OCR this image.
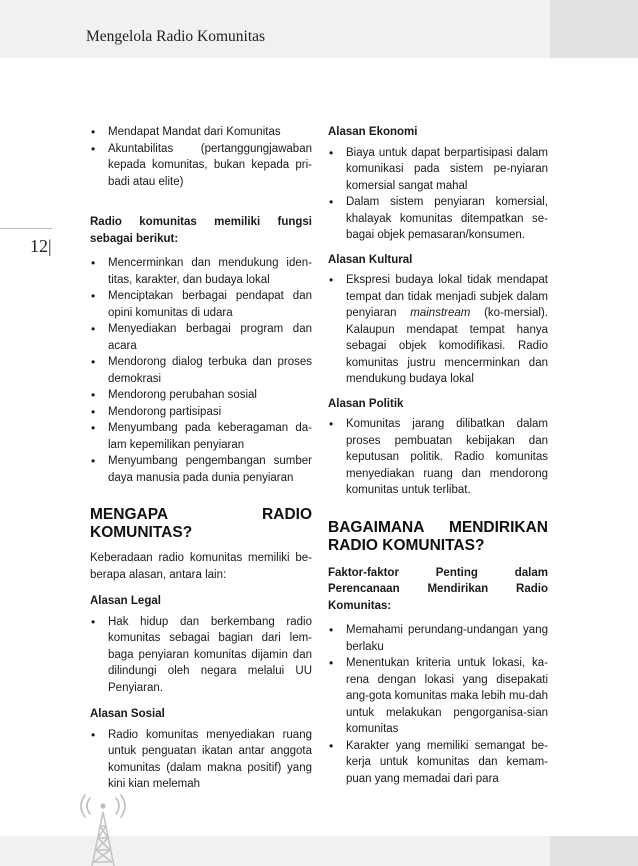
Mengelola Radio Komunitas
12|
• Mendapat Mandat dari Komunitas
• Akuntabilitas (pertanggungjawaban kepada komunitas, bukan kepada pri-badi atau elite)

Radio komunitas memiliki fungsi sebagai berikut:

• Mencerminkan dan mendukung iden-titas, karakter, dan budaya lokal
• Menciptakan berbagai pendapat dan opini komunitas di udara
• Menyediakan berbagai program dan acara
• Mendorong dialog terbuka dan proses demokrasi
• Mendorong perubahan sosial
• Mendorong partisipasi
• Menyumbang pada keberagaman da-lam kepemilikan penyiaran
• Menyumbang pengembangan sumber daya manusia pada dunia penyiaran

MENGAPA RADIO KOMUNITAS?

Keberadaan radio komunitas memiliki be-berapa alasan, antara lain:

Alasan Legal

• Hak hidup dan berkembang radio komunitas sebagai bagian dari lem-baga penyiaran komunitas dijamin dan dilindungi oleh negara melalui UU Penyiaran.

Alasan Sosial

• Radio komunitas menyediakan ruang untuk penguatan ikatan antar anggota komunitas (dalam makna positif) yang kini kian melemah

Alasan Ekonomi

• Biaya untuk dapat berpartisipasi dalam komunikasi pada sistem pe-nyiaran komersial sangat mahal
• Dalam sistem penyiaran komersial, khalayak komunitas ditempatkan se-bagai objek pemasaran/konsumen.

Alasan Kultural

• Ekspresi budaya lokal tidak mendapat tempat dan tidak menjadi subjek dalam penyiaran mainstream (ko-mersial). Kalaupun mendapat tempat hanya sebagai objek komodifikasi. Radio komunitas justru mencerminkan dan mendukung budaya lokal

Alasan Politik

• Komunitas jarang dilibatkan dalam proses pembuatan kebijakan dan keputusan politik. Radio komunitas menyediakan ruang dan mendorong komunitas untuk terlibat.

BAGAIMANA MENDIRIKAN RADIO KOMUNITAS?

Faktor-faktor Penting dalam Perencanaan Mendirikan Radio Komunitas:

• Memahami perundang-undangan yang berlaku
• Menentukan kriteria untuk lokasi, ka-rena dengan lokasi yang disepakati ang-gota komunitas maka lebih mu-dah untuk melakukan pengorganisa-sian komunitas
• Karakter yang memiliki semangat be-kerja untuk komunitas dan kemam-puan yang memadai dari para
